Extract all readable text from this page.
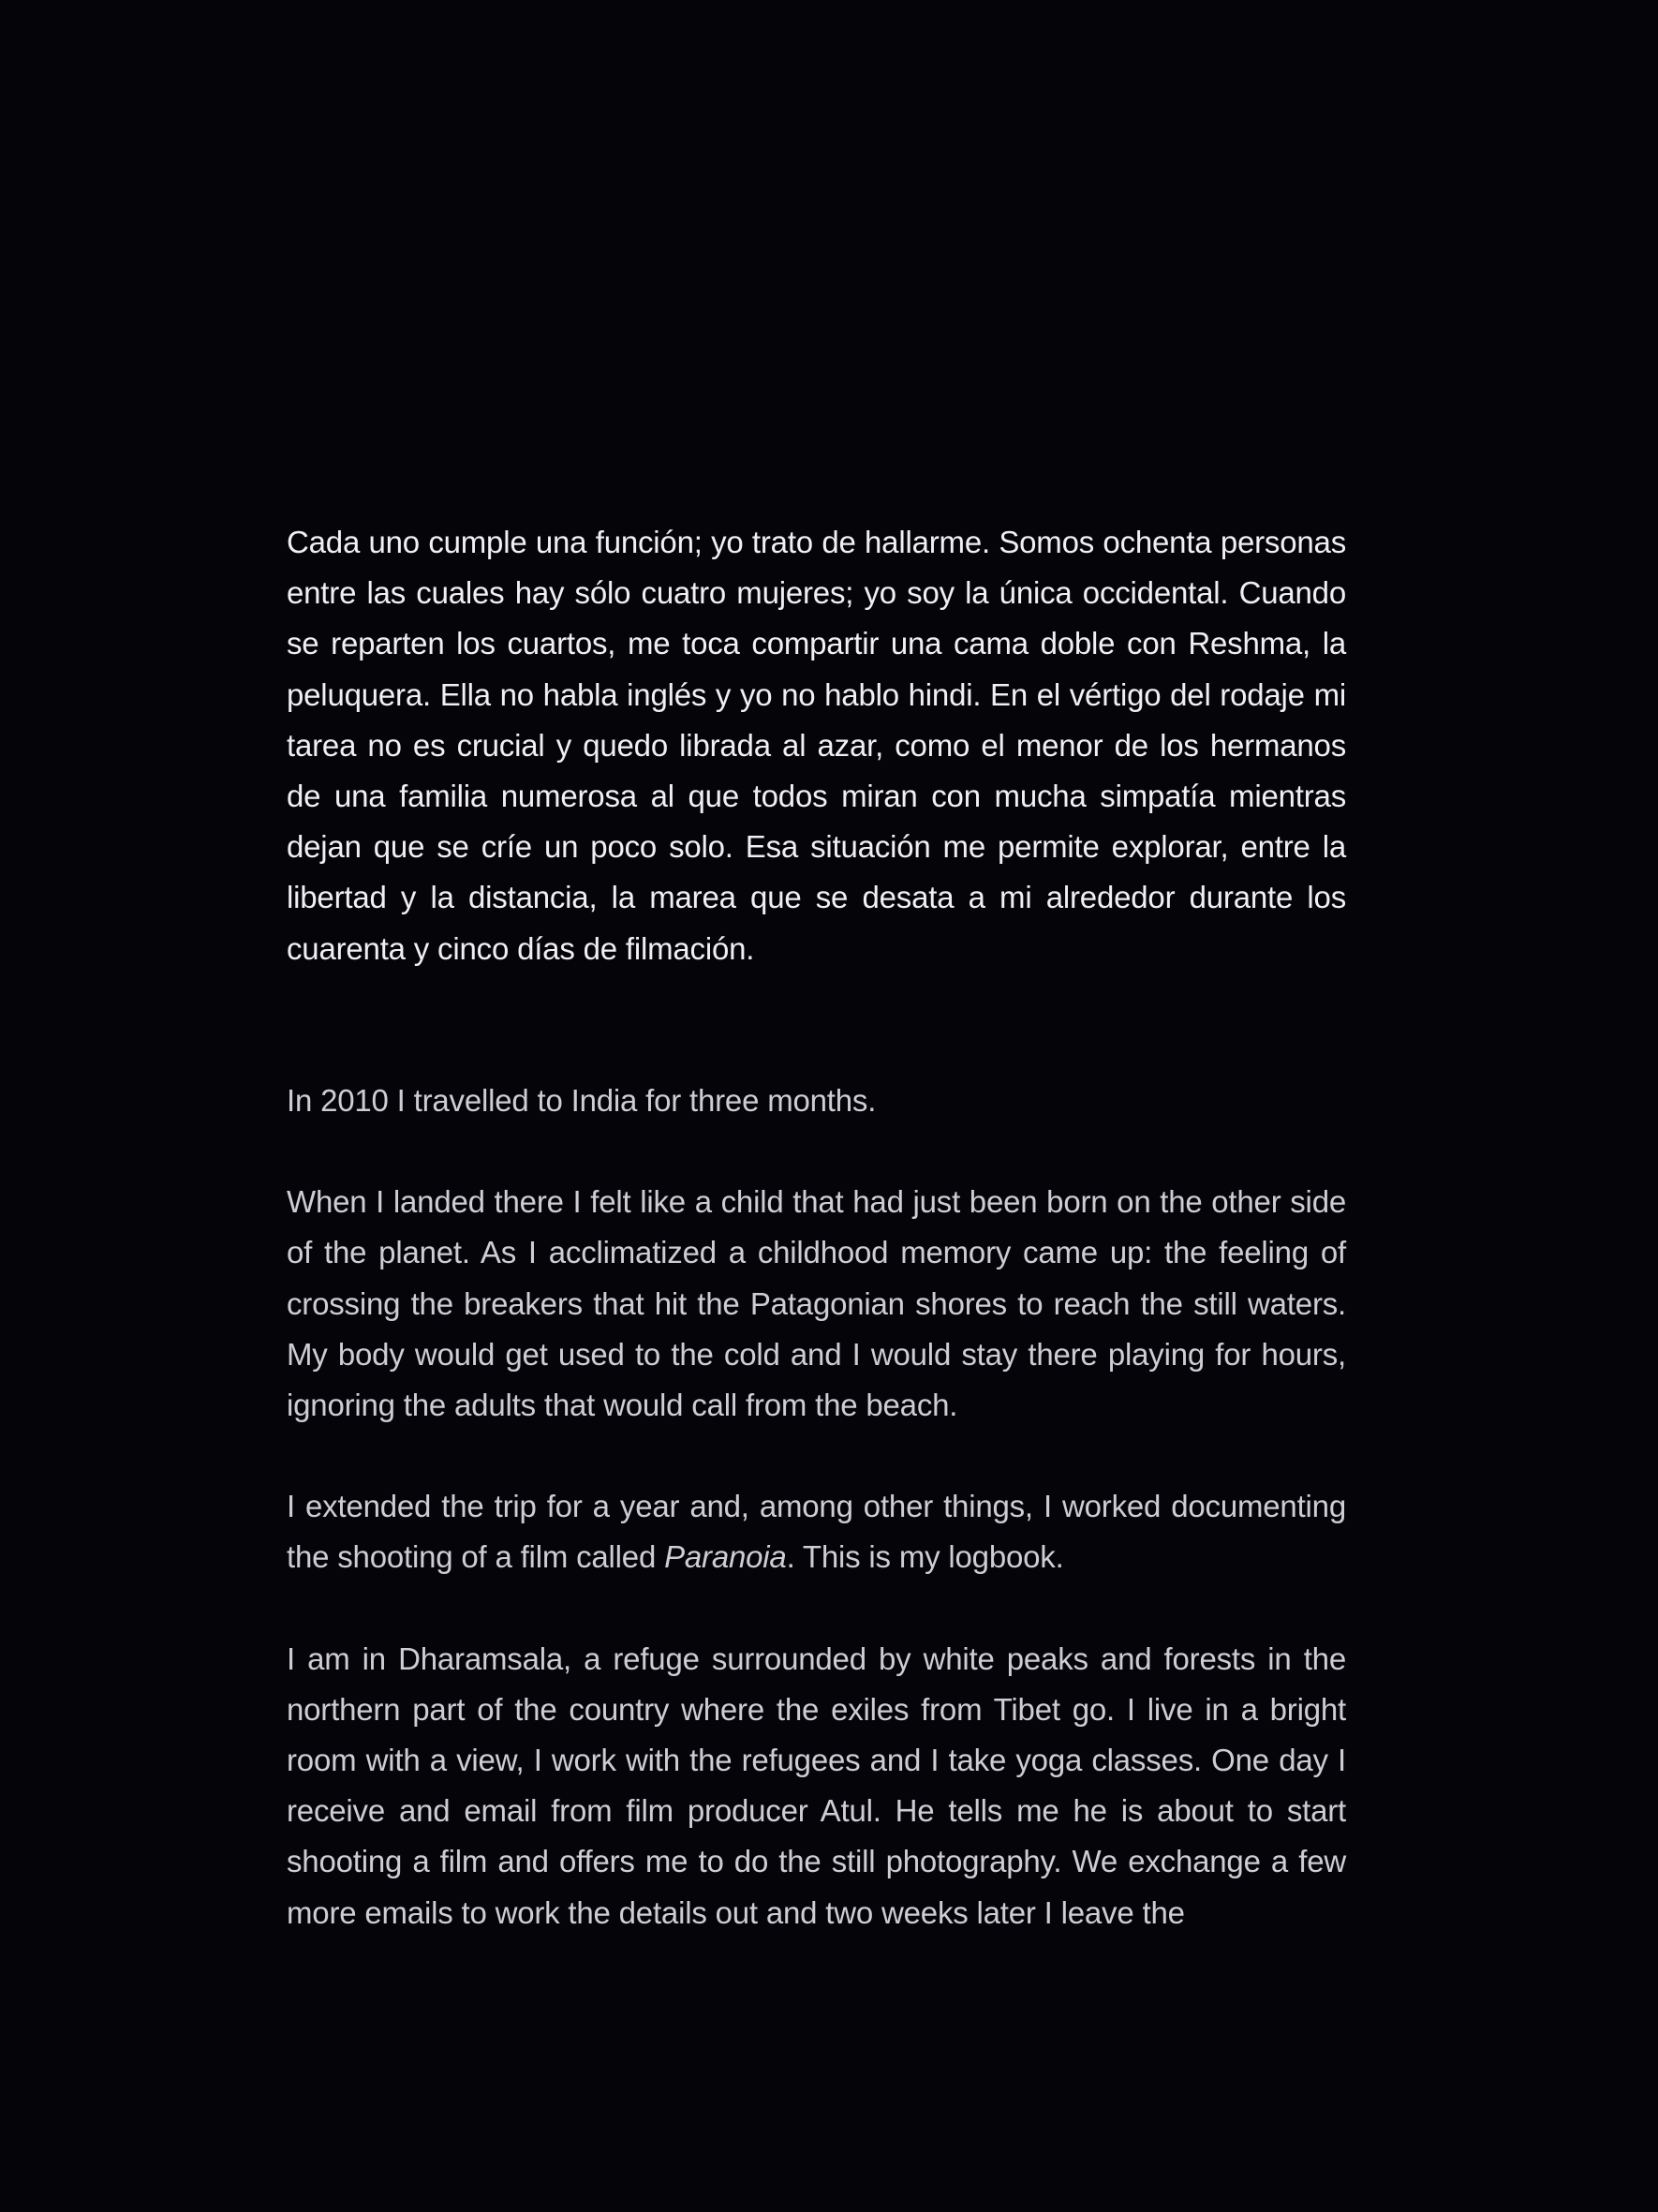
Cada uno cumple una función; yo trato de hallarme. Somos ochenta personas entre las cuales hay sólo cuatro mujeres; yo soy la única occidental. Cuando se reparten los cuartos, me toca compartir una cama doble con Reshma, la peluquera. Ella no habla inglés y yo no hablo hindi. En el vértigo del rodaje mi tarea no es crucial y quedo librada al azar, como el menor de los hermanos de una familia numerosa al que todos miran con mucha simpatía mientras dejan que se críe un poco solo. Esa situación me permite explorar, entre la libertad y la distancia, la marea que se desata a mi alrededor durante los cuarenta y cinco días de filmación.

In 2010 I travelled to India for three months.

When I landed there I felt like a child that had just been born on the other side of the planet. As I acclimatized a childhood memory came up: the feeling of crossing the breakers that hit the Patagonian shores to reach the still waters. My body would get used to the cold and I would stay there playing for hours, ignoring the adults that would call from the beach.

I extended the trip for a year and, among other things, I worked documenting the shooting of a film called Paranoia. This is my logbook.

I am in Dharamsala, a refuge surrounded by white peaks and forests in the northern part of the country where the exiles from Tibet go. I live in a bright room with a view, I work with the refugees and I take yoga classes. One day I receive and email from film producer Atul. He tells me he is about to start shooting a film and offers me to do the still photography. We exchange a few more emails to work the details out and two weeks later I leave the
